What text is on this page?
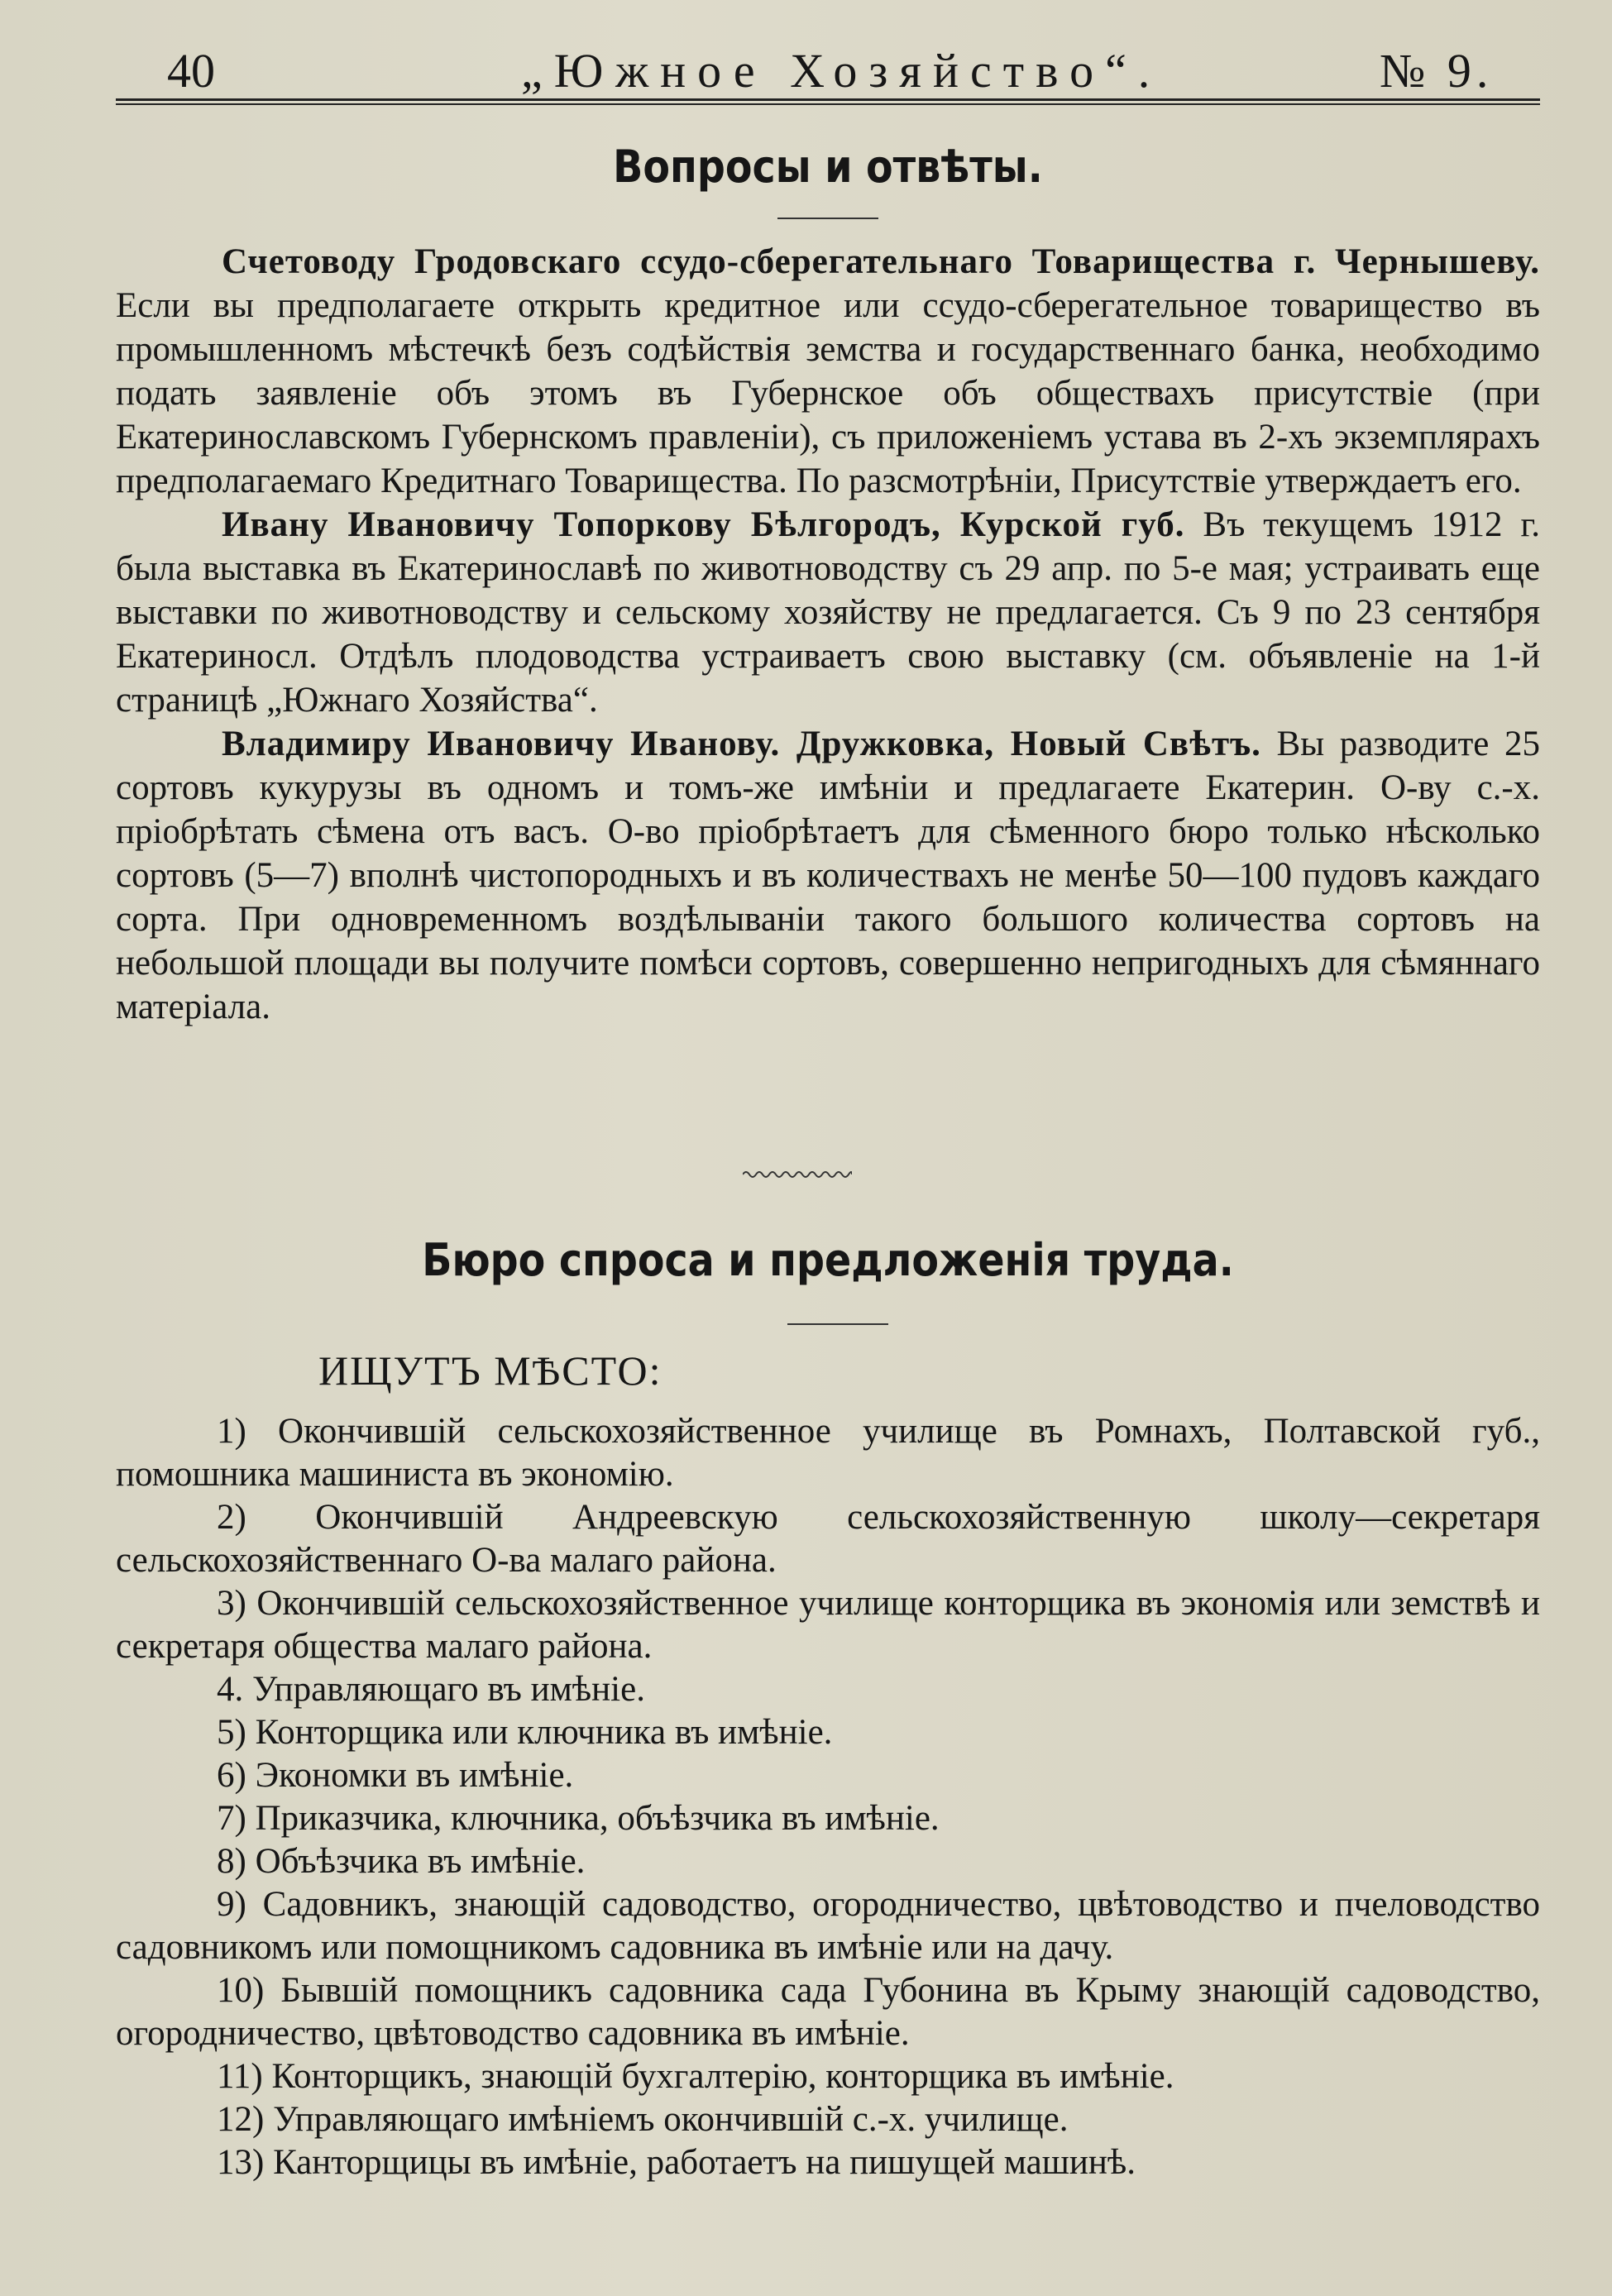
40	„Южное Хозяйство“.	№ 9.
Вопросы и отвѣты.

Счетоводу Гродовскаго ссудо-сберегательнаго Товарищества г. Чернышеву. Если вы предполагаете открыть кредитное или ссудо-сберегательное товарищество въ промышленномъ мѣстечкѣ безъ содѣйствія земства и государственнаго банка, необходимо подать заявленіе объ этомъ въ Губернское объ обществахъ присутствіе (при Екатеринославскомъ Губернскомъ правленіи), съ приложеніемъ устава въ 2-хъ экземплярахъ предполагаемаго Кредитнаго Товарищества. По разсмотрѣніи, Присутствіе утверждаетъ его.

Ивану Ивановичу Топоркову Бѣлгородъ, Курской губ. Въ текущемъ 1912 г. была выставка въ Екатеринославѣ по животноводству съ 29 апр. по 5-е мая; устраивать еще выставки по животноводству и сельскому хозяйству не предлагается. Съ 9 по 23 сентября Екатериносл. Отдѣлъ плодоводства устраиваетъ свою выставку (см. объявленіе на 1-й страницѣ „Южнаго Хозяйства“.

Владимиру Ивановичу Иванову. Дружковка, Новый Свѣтъ. Вы разводите 25 сортовъ кукурузы въ одномъ и томъ-же имѣніи и предлагаете Екатерин. О-ву с.-х. пріобрѣтать сѣмена отъ васъ. О-во пріобрѣтаетъ для сѣменного бюро только нѣсколько сортовъ (5—7) вполнѣ чистопородныхъ и въ количествахъ не менѣе 50—100 пудовъ каждаго сорта. При одновременномъ воздѣлываніи такого большого количества сортовъ на небольшой площади вы получите помѣси сортовъ, совершенно непригодныхъ для сѣмяннаго матеріала.

Бюро спроса и предложенія труда.
ИЩУТЪ МѢСТО:

1) Окончившій сельскохозяйственное училище въ Ромнахъ, Полтавской губ., помошника машиниста въ экономію.

2) Окончившій Андреевскую сельскохозяйственную школу—секретаря сельскохозяйственнаго О-ва малаго района.

3) Окончившій сельскохозяйственное училище конторщика въ экономія или земствѣ и секретаря общества малаго района.

4. Управляющаго въ имѣніе.

5) Конторщика или ключника въ имѣніе.

6) Экономки въ имѣніе.

7) Приказчика, ключника, объѣзчика въ имѣніе.

8) Объѣзчика въ имѣніе.

9) Садовникъ, знающій садоводство, огородничество, цвѣтоводство и пчеловодство садовникомъ или помощникомъ садовника въ имѣніе или на дачу.

10) Бывшій помощникъ садовника сада Губонина въ Крыму знающій садоводство, огородничество, цвѣтоводство садовника въ имѣніе.

11) Конторщикъ, знающій бухгалтерію, конторщика въ имѣніе.

12) Управляющаго имѣніемъ окончившій с.-х. училище.

13) Канторщицы въ имѣніе, работаетъ на пишущей машинѣ.
